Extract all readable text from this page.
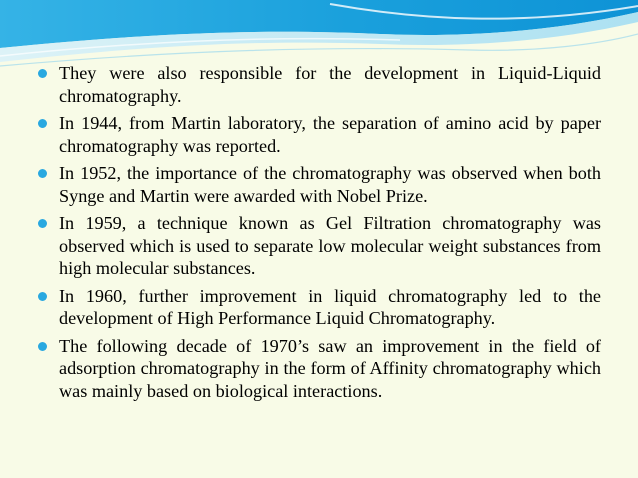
They were also responsible for the development in Liquid-Liquid chromatography.
In 1944, from Martin laboratory, the separation of amino acid by paper chromatography was reported.
In 1952, the importance of the chromatography was observed when both Synge and Martin were awarded with Nobel Prize.
In 1959, a technique known as Gel Filtration chromatography was observed which is used to separate low molecular weight substances from high molecular substances.
In 1960, further improvement in liquid chromatography led to the development of High Performance Liquid Chromatography.
The following decade of 1970’s saw an improvement in the field of adsorption chromatography in the form of Affinity chromatography which was mainly based on biological interactions.
